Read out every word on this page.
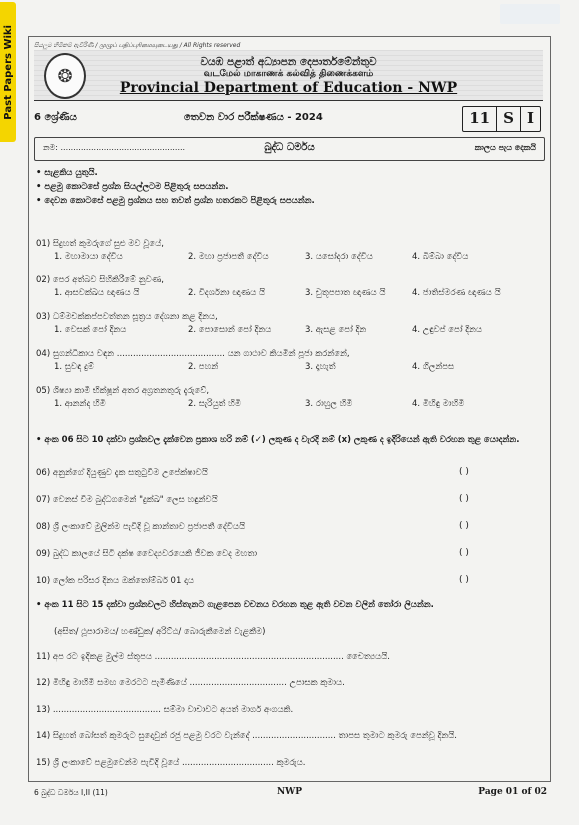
Past Papers Wiki	සියලුම හිමිකම් ඇවිරිණි / முழுப் பதிப்புரிமையுடையது / All Rights reserved
❂
වයඹ පළාත් අධ්‍යාපන දෙපාර්තමේන්තුව
வடமேல் மாகாணக் கல்வித் திணைக்களம்
Provincial Department of Education - NWP
6 ශ්‍රේණිය	තෙවන වාර පරීක්ෂණය - 2024	11 S I
නම: .................................................	බුද්ධ ධර්මය	කාලය පැය දෙකයි
• සැළකිය යුතුයි.
• පළමු කොටසේ ප්‍රශ්න සියල්ලටම පිළිතුරු සපයන්න.
• දෙවන කොටසේ පළමු ප්‍රශ්නය සහ තවත් ප්‍රශ්න හතරකට පිළිතුරු සපයන්න.
01) සිදුහත් කුමරුගේ සුළු මව වූයේ,
1. මහාමායා දේවිය	2. මහා ප්‍රජාපතී දේවිය	3. යසෝදරා දේවිය	4. බිම්බා දේවිය
02) පෙර අත්බව සිහිකිරීමේ නුවණ,
1. ආසවක්ඛය ඥාණය යි	2. විදර්ශනා ඥාණය යි	3. චුතූපපාත ඥාණය යි	4. ජාතිස්මරණ ඥාණය යි
03) ධම්මචක්කප්පවත්තන සූත්‍රය දේශනා කළ දිනය,
1. වෙසක් පෝ දිනය	2. පොසොන් පෝ දිනය	3. ඇසළ පෝ දින	4. උඳුවප් පෝ දිනය
04) සුගන්ධිකාය වඳන ........................................ යන ගාථාව කියමින් පූජා කරන්නේ,
1. සුවඳ දුම්	2. පහන්	3. දෑහැත්	4. ගිලන්පස
05) ශිෂ්‍යා කාමී භික්ෂූන් අතර අග්‍රතනතුරු දැරුවේ,
1. ආනන්ද හිමි	2. සැරියුත් හිමි	3. රාහුල හිමි	4. මිහිඳු මාහිමි
• අංක 06 සිට 10 දක්වා ප්‍රශ්නවල දැක්වෙන ප්‍රකාශ හරි නම් (✓) ලකුණ ද වැරදි නම් (x) ලකුණ ද ඉදිරියෙන් ඇති වරහන තුළ යොදන්න.
06) අනුන්ගේ දියුණුව දැක සතුටුවීම උපේක්ෂාවයි	( )
07) වෙනස් වීම බුද්ධගමෙන් "දුක්ඛ" ලෙස හඳුන්වයි	( )
08) ශ්‍රී ලංකාවේ මුලින්ම පැවිදි වූ කාන්තාව ප්‍රජාපතී දේවියයි	( )
09) බුද්ධ කාලයේ සිටි දක්ෂ වෛද්‍යවරයෙකි ජීවක වෙද මහතා	( )
10) ලෝක පරිසර දිනය ඔක්තෝම්බර් 01 දාය	( )
• අංක 11 සිට 15 දක්වා ප්‍රශ්නවලට හිස්තැනට ගැළපෙන වචනය වරහන තුළ ඇති වචන වලින් තෝරා ලියන්න.
(අසිත/ ථූපාරාමය/ හණ්ඩුක/ අරිට්ඨ/ බොරුකීමෙන් වැළකීම)
11) අප රට ඉදිකළ මුල්ම ස්තූපය ...................................................................... චෛත්‍යයයි.
12) මිහිඳු මාහිමි සමඟ මෙරටට පැමිණියේ .................................... උපාසක කුමාය.
13) ........................................ සම්මා වාචාවට අයත් මාර්ග අංගයකි.
14) සිදුහත් බෝසත් කුමරුට සුදොවුන් රජු පළමු වරට වැන්දේ ............................... තාපස තුමාට කුමරු පෙන්වූ දිනයි.
15) ශ්‍රී ලංකාවේ පළමුවෙන්ම පැවිදි වූයේ .................................. කුමරුය.
6 බුද්ධ ධර්මය I,II (11)	NWP	Page 01 of 02
